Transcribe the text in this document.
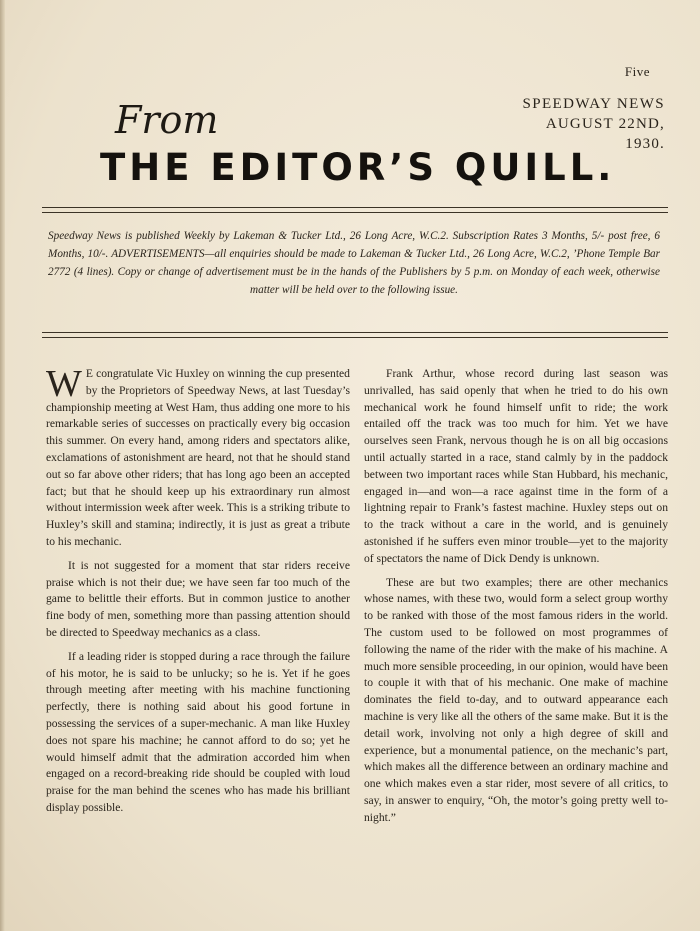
Five
From	SPEEDWAY NEWS
AUGUST 22ND, 1930.
THE EDITOR’S QUILL.
Speedway News is published Weekly by Lakeman & Tucker Ltd., 26 Long Acre, W.C.2. Subscription Rates 3 Months, 5/- post free, 6 Months, 10/-. ADVERTISEMENTS—all enquiries should be made to Lakeman & Tucker Ltd., 26 Long Acre, W.C.2, ’Phone Temple Bar 2772 (4 lines). Copy or change of advertisement must be in the hands of the Publishers by 5 p.m. on Monday of each week, otherwise matter will be held over to the following issue.

W E congratulate Vic Huxley on winning the cup presented by the Proprietors of Speedway News, at last Tuesday’s championship meeting at West Ham, thus adding one more to his remarkable series of successes on practically every big occasion this summer. On every hand, among riders and spectators alike, exclamations of astonishment are heard, not that he should stand out so far above other riders; that has long ago been an accepted fact; but that he should keep up his extraordinary run almost without intermission week after week. This is a striking tribute to Huxley’s skill and stamina; indirectly, it is just as great a tribute to his mechanic.

It is not suggested for a moment that star riders receive praise which is not their due; we have seen far too much of the game to belittle their efforts. But in common justice to another fine body of men, something more than passing attention should be directed to Speedway mechanics as a class.

If a leading rider is stopped during a race through the failure of his motor, he is said to be unlucky; so he is. Yet if he goes through meeting after meeting with his machine functioning perfectly, there is nothing said about his good fortune in possessing the services of a super-mechanic. A man like Huxley does not spare his machine; he cannot afford to do so; yet he would himself admit that the admiration accorded him when engaged on a record-breaking ride should be coupled with loud praise for the man behind the scenes who has made his brilliant display possible.

Frank Arthur, whose record during last season was unrivalled, has said openly that when he tried to do his own mechanical work he found himself unfit to ride; the work entailed off the track was too much for him. Yet we have ourselves seen Frank, nervous though he is on all big occasions until actually started in a race, stand calmly by in the paddock between two important races while Stan Hubbard, his mechanic, engaged in—and won—a race against time in the form of a lightning repair to Frank’s fastest machine. Huxley steps out on to the track without a care in the world, and is genuinely astonished if he suffers even minor trouble—yet to the majority of spectators the name of Dick Dendy is unknown.

These are but two examples; there are other mechanics whose names, with these two, would form a select group worthy to be ranked with those of the most famous riders in the world. The custom used to be followed on most programmes of following the name of the rider with the make of his machine. A much more sensible proceeding, in our opinion, would have been to couple it with that of his mechanic. One make of machine dominates the field to-day, and to outward appearance each machine is very like all the others of the same make. But it is the detail work, involving not only a high degree of skill and experience, but a monumental patience, on the mechanic’s part, which makes all the difference between an ordinary machine and one which makes even a star rider, most severe of all critics, to say, in answer to enquiry, “Oh, the motor’s going pretty well to-night.”
